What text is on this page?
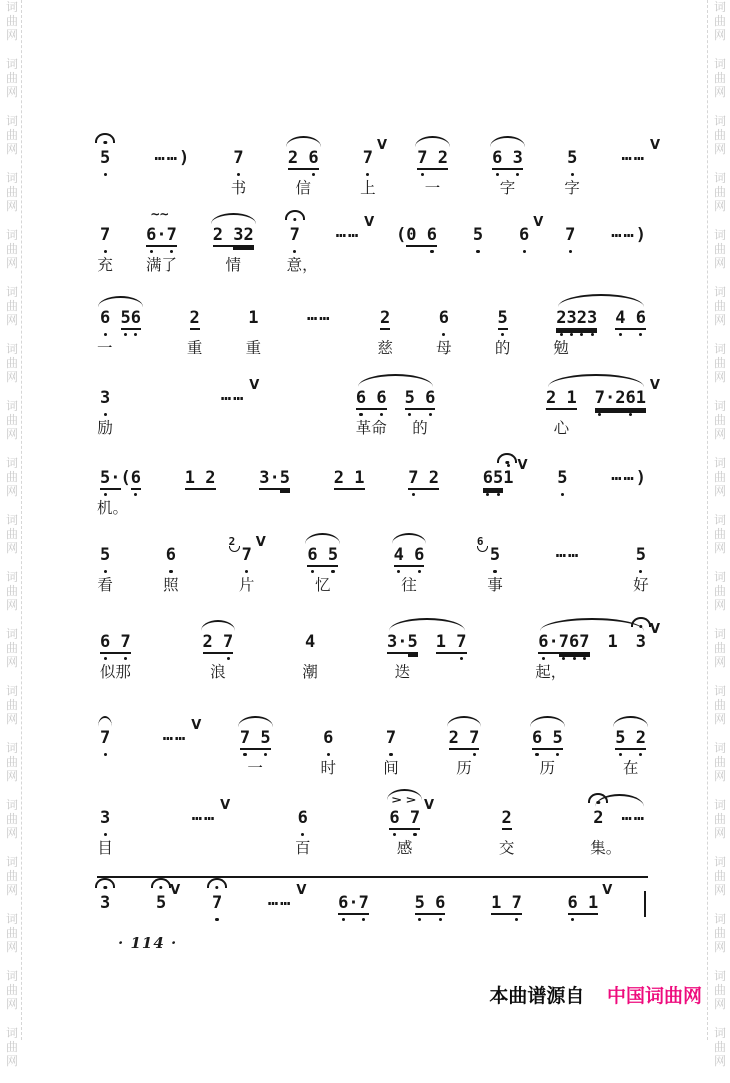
词
曲
网
词
曲
网
词
曲
网
词
曲
网
词
曲
网
词
曲
网
词
曲
网
词
曲
网
词
曲
网
词
曲
网
词
曲
网
词
曲
网
词
曲
网
词
曲
网
词
曲
网
词
曲
网
词
曲
网
词
曲
网
词
曲
网
词
曲
网
词
曲
网
词
曲
网
词
曲
网
词
曲
网
词
曲
网
词
曲
网
词
曲
网
词
曲
网
词
曲
网
词
曲
网
词
曲
网
词
曲
网
词
曲
网
词
曲
网
词
曲
网
词
曲
网
词
曲
网
词
曲
网
5	……)	7
书
2 6
信
7
V
上
7 2
一
6 3
字
5
字
…… V
7
充
∼∼
6
·7
满了
2 32
情
7
意，
…… V
(0 6 5 6
V
7 ……)
6 5
6
一
2
重
1
重
……	2
慈
6
母
5
的
2
3
2
3
勉
4 6
3
励
…… V
6 6
革命
5 6
的
2 1
心
7
·26
1
V
5
·(6
机。
1 2	3·5	2 1	7 2	6
5
1
V
5	……)
5
看
6
照
2
7
V
片
6 5
忆
4 6
往
6
5
事
……	5
好
6 7
似那
2 7
浪
4
潮
3·5
迭
1 7	6
·7
6
7
起，
1 3
V
7	…… V
7 5
一
6
时
7
间
2 7
历
6 5
历
5 2
在
3
目
…… V
6
百
> >
6 7
V
感
2
交
2
集。
……
3	5
V
7	…… V
6
·7	5 6	1 7	6 1
V
· 114 ·
本曲谱源自 中国词曲网
